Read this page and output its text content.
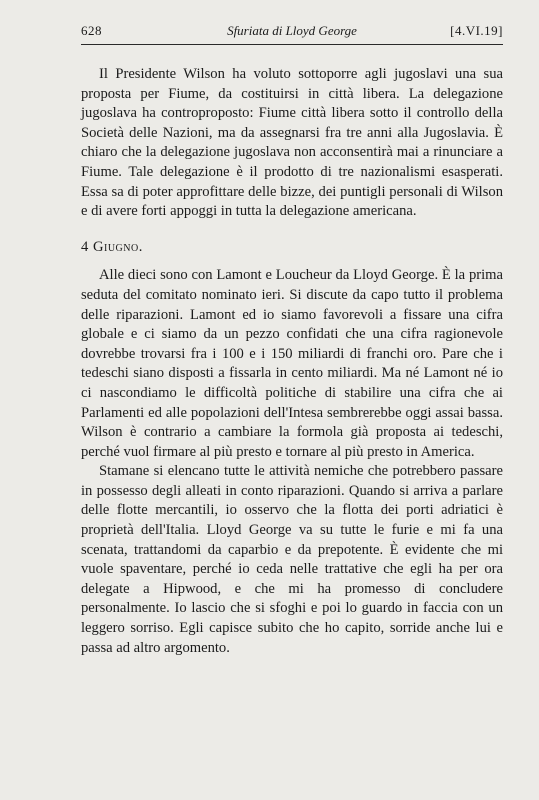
628	Sfuriata di Lloyd George	[4.VI.19]

Il Presidente Wilson ha voluto sottoporre agli jugoslavi una sua proposta per Fiume, da costituirsi in città libera. La delegazione jugoslava ha controproposto: Fiume città libera sotto il controllo della Società delle Nazioni, ma da assegnarsi fra tre anni alla Jugoslavia. È chiaro che la delegazione jugoslava non acconsentirà mai a rinunciare a Fiume. Tale delegazione è il prodotto di tre nazionalismi esasperati. Essa sa di poter approfittare delle bizze, dei puntigli personali di Wilson e di avere forti appoggi in tutta la delegazione americana.

4 Giugno.

Alle dieci sono con Lamont e Loucheur da Lloyd George. È la prima seduta del comitato nominato ieri. Si discute da capo tutto il problema delle riparazioni. Lamont ed io siamo favorevoli a fissare una cifra globale e ci siamo da un pezzo confidati che una cifra ragionevole dovrebbe trovarsi fra i 100 e i 150 miliardi di franchi oro. Pare che i tedeschi siano disposti a fissarla in cento miliardi. Ma né Lamont né io ci nascondiamo le difficoltà politiche di stabilire una cifra che ai Parlamenti ed alle popolazioni dell'Intesa sembrerebbe oggi assai bassa. Wilson è contrario a cambiare la formola già proposta ai tedeschi, perché vuol firmare al più presto e tornare al più presto in America.

Stamane si elencano tutte le attività nemiche che potrebbero passare in possesso degli alleati in conto riparazioni. Quando si arriva a parlare delle flotte mercantili, io osservo che la flotta dei porti adriatici è proprietà dell'Italia. Lloyd George va su tutte le furie e mi fa una scenata, trattandomi da caparbio e da prepotente. È evidente che mi vuole spaventare, perché io ceda nelle trattative che egli ha per ora delegate a Hipwood, e che mi ha promesso di concludere personalmente. Io lascio che si sfoghi e poi lo guardo in faccia con un leggero sorriso. Egli capisce subito che ho capito, sorride anche lui e passa ad altro argomento.
